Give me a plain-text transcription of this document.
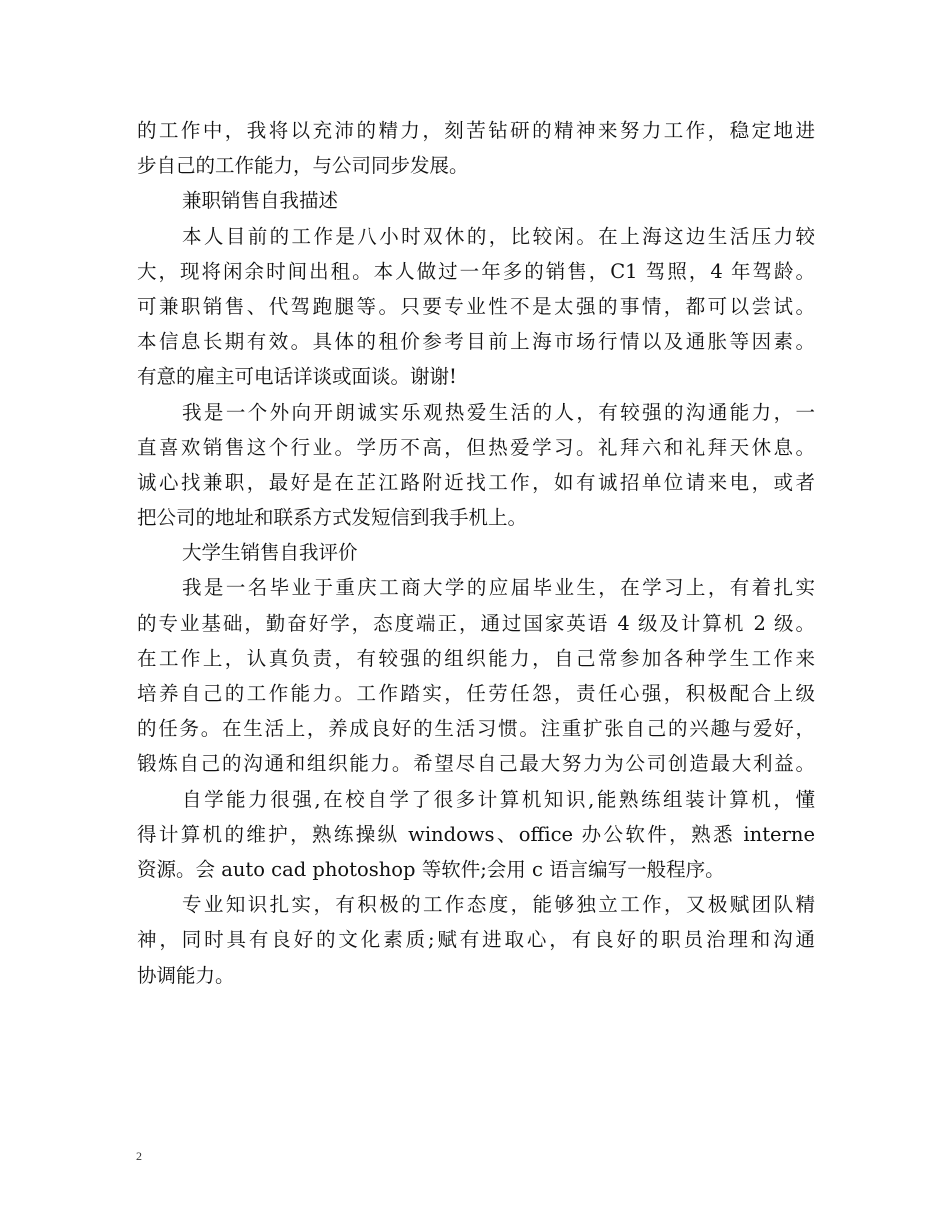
的工作中，我将以充沛的精力，刻苦钻研的精神来努力工作，稳定地进
步自己的工作能力，与公司同步发展。
兼职销售自我描述
本人目前的工作是八小时双休的，比较闲。在上海这边生活压力较
大，现将闲余时间出租。本人做过一年多的销售，C1 驾照，4 年驾龄。
可兼职销售、代驾跑腿等。只要专业性不是太强的事情，都可以尝试。
本信息长期有效。具体的租价参考目前上海市场行情以及通胀等因素。
有意的雇主可电话详谈或面谈。谢谢!
我是一个外向开朗诚实乐观热爱生活的人，有较强的沟通能力，一
直喜欢销售这个行业。学历不高，但热爱学习。礼拜六和礼拜天休息。
诚心找兼职，最好是在芷江路附近找工作，如有诚招单位请来电，或者
把公司的地址和联系方式发短信到我手机上。
大学生销售自我评价
我是一名毕业于重庆工商大学的应届毕业生，在学习上，有着扎实
的专业基础，勤奋好学，态度端正，通过国家英语 4 级及计算机 2 级。
在工作上，认真负责，有较强的组织能力，自己常参加各种学生工作来
培养自己的工作能力。工作踏实，任劳任怨，责任心强，积极配合上级
的任务。在生活上，养成良好的生活习惯。注重扩张自己的兴趣与爱好，
锻炼自己的沟通和组织能力。希望尽自己最大努力为公司创造最大利益。
自学能力很强,在校自学了很多计算机知识,能熟练组装计算机，懂
得计算机的维护，熟练操纵 windows、office 办公软件，熟悉 interne
资源。会 auto cad photoshop 等软件;会用 c 语言编写一般程序。
专业知识扎实，有积极的工作态度，能够独立工作，又极赋团队精
神，同时具有良好的文化素质;赋有进取心，有良好的职员治理和沟通
协调能力。
2
